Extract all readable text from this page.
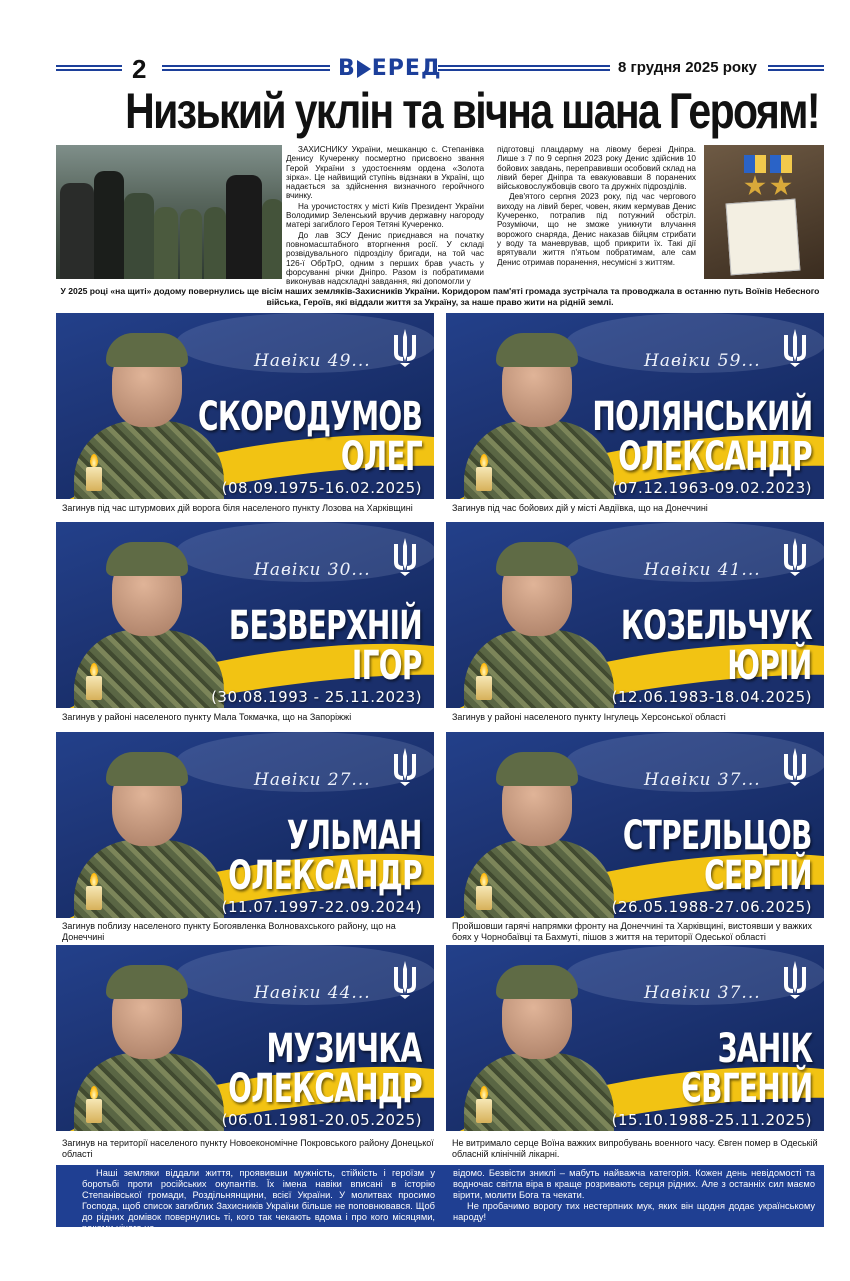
2	В ЕРЕД	8 грудня 2025 року
Низький уклін та вічна шана Героям!

ЗАХИСНИКУ України, мешканцю с. Степанівка Денису Кучеренку посмертно присвоєно звання Герой України з удостоєнням ордена «Золота зірка». Це найвищий ступінь відзнаки в Україні, що надається за здійснення визначного геройчного вчинку.

На урочистостях у місті Київ Президент України Володимир Зеленський вручив державну нагороду матері загиблого Героя Тетяні Кучеренко.

До лав ЗСУ Денис приєднався на початку повномасштабного вторгнення росії. У складі розвідувального підрозділу бригади, на той час 126-ї ОбрТрО, одним з перших брав участь у форсуванні річки Дніпро. Разом із побратимами виконував надскладні завдання, які допомогли у

підготовці плацдарму на лівому березі Дніпра. Лише з 7 по 9 серпня 2023 року Денис здійснив 10 бойових завдань, переправивши особовий склад на лівий берег Дніпра та евакуювавши 8 поранених військовослужбовців свого та дружніх підрозділів.

Дев'ятого серпня 2023 року, під час чергового виходу на лівий берег, човен, яким кермував Денис Кучеренко, потрапив під потужний обстріл. Розуміючи, що не зможе уникнути влучання ворожого снаряда, Денис наказав бійцям стрибати у воду та маневрував, щоб прикрити їх. Такі дії врятували життя п'ятьом побратимам, але сам Денис отримав поранення, несумісні з життям.

У 2025 році «на щиті» додому повернулись ще вісім наших земляків-Захисників України. Коридором пам'яті громада зустрічала та проводжала в останню путь Воїнів Небесного війська, Героїв, які віддали життя за Україну, за наше право жити на рідній землі.
Навіки 49...
СКОРОДУМОВ
ОЛЕГ
(08.09.1975-16.02.2025)
Загинув під час штурмових дій ворога біля населеного пункту Лозова на Харківщині
Навіки 59...
ПОЛЯНСЬКИЙ
ОЛЕКСАНДР
(07.12.1963-09.02.2023)
Загинув під час бойових дій у місті Авдіївка, що на Донеччині
Навіки 30...
БЕЗВЕРХНІЙ
ІГОР
(30.08.1993 - 25.11.2023)
Загинув у районі населеного пункту Мала Токмачка, що на Запоріжжі
Навіки 41...
КОЗЕЛЬЧУК
ЮРІЙ
(12.06.1983-18.04.2025)
Загинув у районі населеного пункту Інгулець Херсонської області
Навіки 27...
УЛЬМАН
ОЛЕКСАНДР
(11.07.1997-22.09.2024)
Загинув поблизу населеного пункту Богоявленка Волновахського району, що на Донеччині
Навіки 37...
СТРЕЛЬЦОВ
СЕРГІЙ
(26.05.1988-27.06.2025)
Пройшовши гарячі напрямки фронту на Донеччині та Харківщині, вистоявши у важких боях у Чорнобаївці та Бахмуті, пішов з життя на території Одеської області
Навіки 44...
МУЗИЧКА
ОЛЕКСАНДР
(06.01.1981-20.05.2025)
Загинув на території населеного пункту Новоекономічне Покровського району Донецької області
Навіки 37...
ЗАНІК
ЄВГЕНІЙ
(15.10.1988-25.11.2025)
Не витримало серце Воїна важких випробувань военного часу. Євген помер в Одеській обласній клінічній лікарні.
Наші земляки віддали життя, проявивши мужність, стійкість і героїзм у боротьбі проти російських окупантів. Їх імена навіки вписані в історію Степанівської громади, Роздільнянщини, всієї України. У молитвах просимо Господа, щоб список загиблих Захисників України більше не поповнювався. Щоб до рідних домівок повернулись ті, кого так чекають вдома і про кого місяцями, роками нічого не

відомо. Безвісти зниклі – мабуть найважча категорія. Кожен день невідомості та водночас світла віра в краще розривають серця рідних. Але з останніх сил маємо вірити, молити Бога та чекати.

Не пробачимо ворогу тих нестерпних мук, яких він щодня додає українському народу!
